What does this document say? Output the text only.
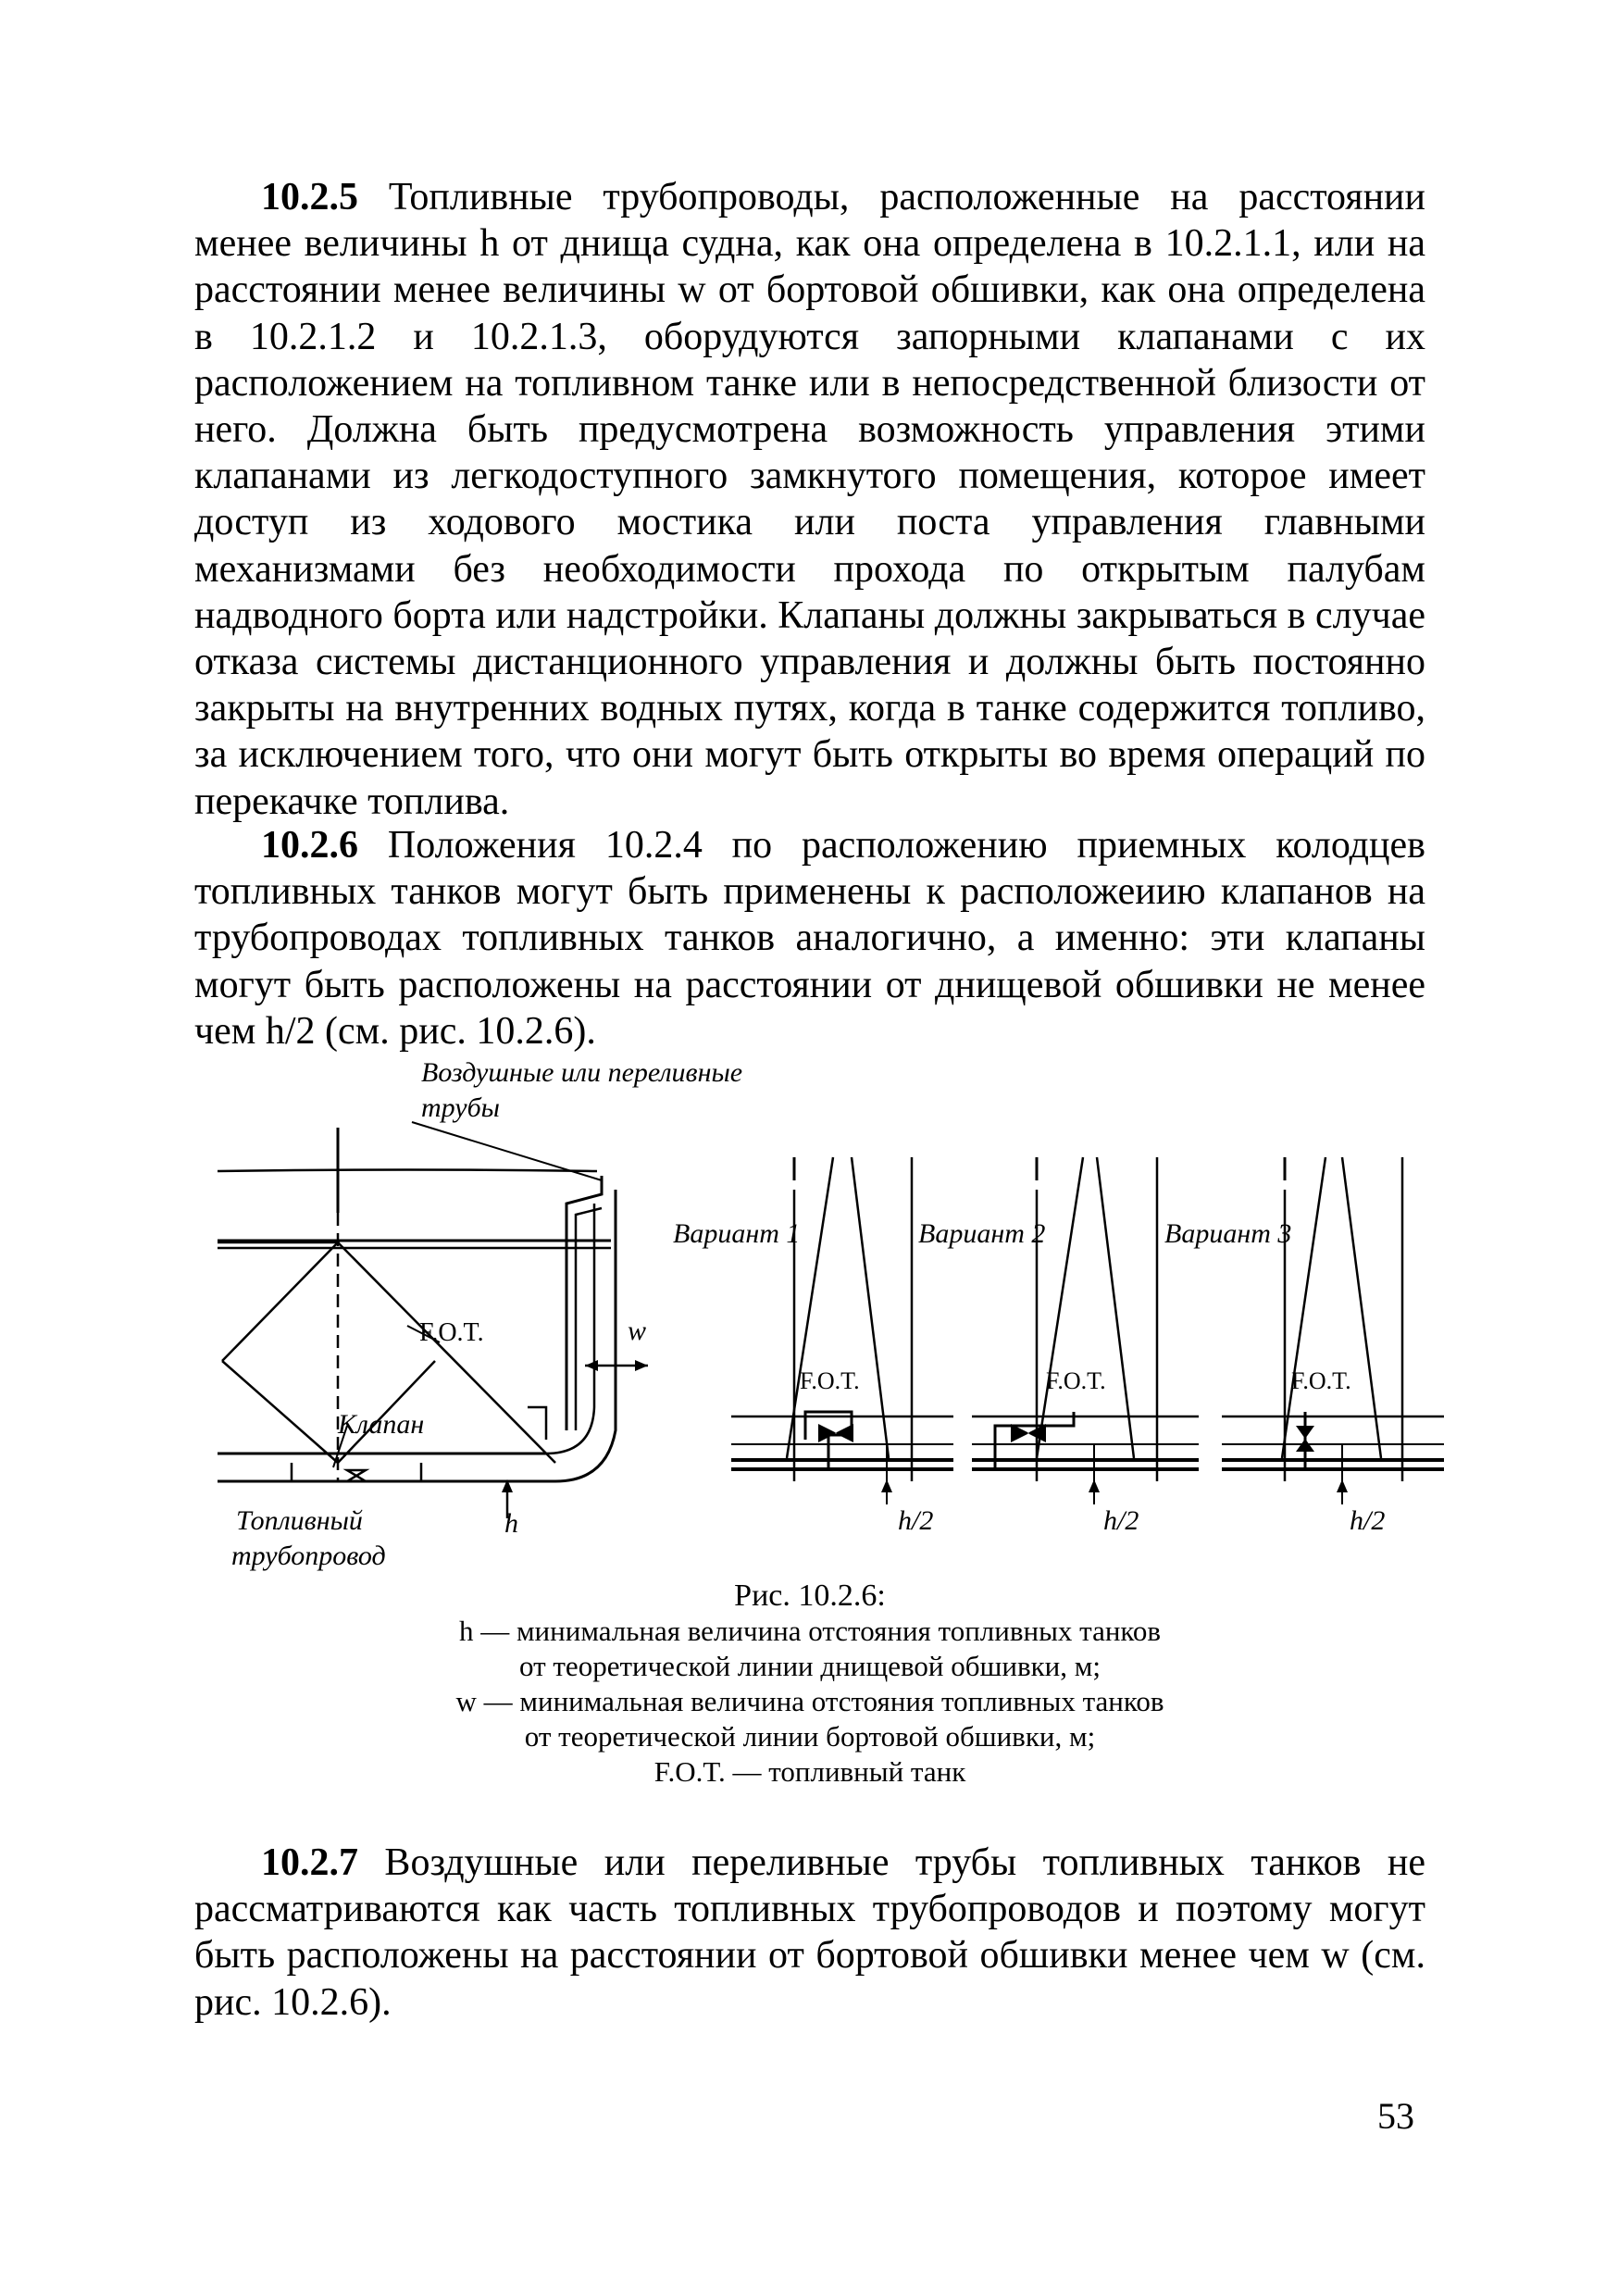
10.2.5 Топливные трубопроводы, расположенные на расстоянии менее величины h от днища судна, как она определена в 10.2.1.1, или на расстоянии менее величины w от бортовой обшивки, как она определена в 10.2.1.2 и 10.2.1.3, оборудуются запорными клапанами с их расположением на топливном танке или в непосредственной близости от него. Должна быть предусмотрена возможность управления этими клапанами из легкодоступного замкнутого помещения, которое имеет доступ из ходового мостика или поста управления главными механизмами без необходимости прохода по открытым палубам надводного борта или надстройки. Клапаны должны закрываться в случае отказа системы дистанционного управления и должны быть постоянно закрыты на внутренних водных путях, когда в танке содержится топливо, за исключением того, что они могут быть открыты во время операций по перекачке топлива.

10.2.6 Положения 10.2.4 по расположению приемных колодцев топливных танков могут быть применены к расположеиию клапанов на трубопроводах топливных танков аналогично, а именно: эти клапаны могут быть расположены на расстоянии от днищевой обшивки не менее чем h/2 (см. рис. 10.2.6).

Воздушные или переливные
трубы
F.O.T.	w
Клапан
Топливный
трубопровод
h
Вариант 1	Вариант 2	Вариант 3
F.O.T.	F.O.T.	F.O.T.
h/2	h/2	h/2
Рис. 10.2.6:
h — минимальная величина отстояния топливных танков
от теоретической линии днищевой обшивки, м;
w — минимальная величина отстояния топливных танков
от теоретической линии бортовой обшивки, м;
F.O.T. — топливный танк

10.2.7 Воздушные или переливные трубы топливных танков не рассматриваются как часть топливных трубопроводов и поэтому могут быть расположены на расстоянии от бортовой обшивки менее чем w (см. рис. 10.2.6).

53
